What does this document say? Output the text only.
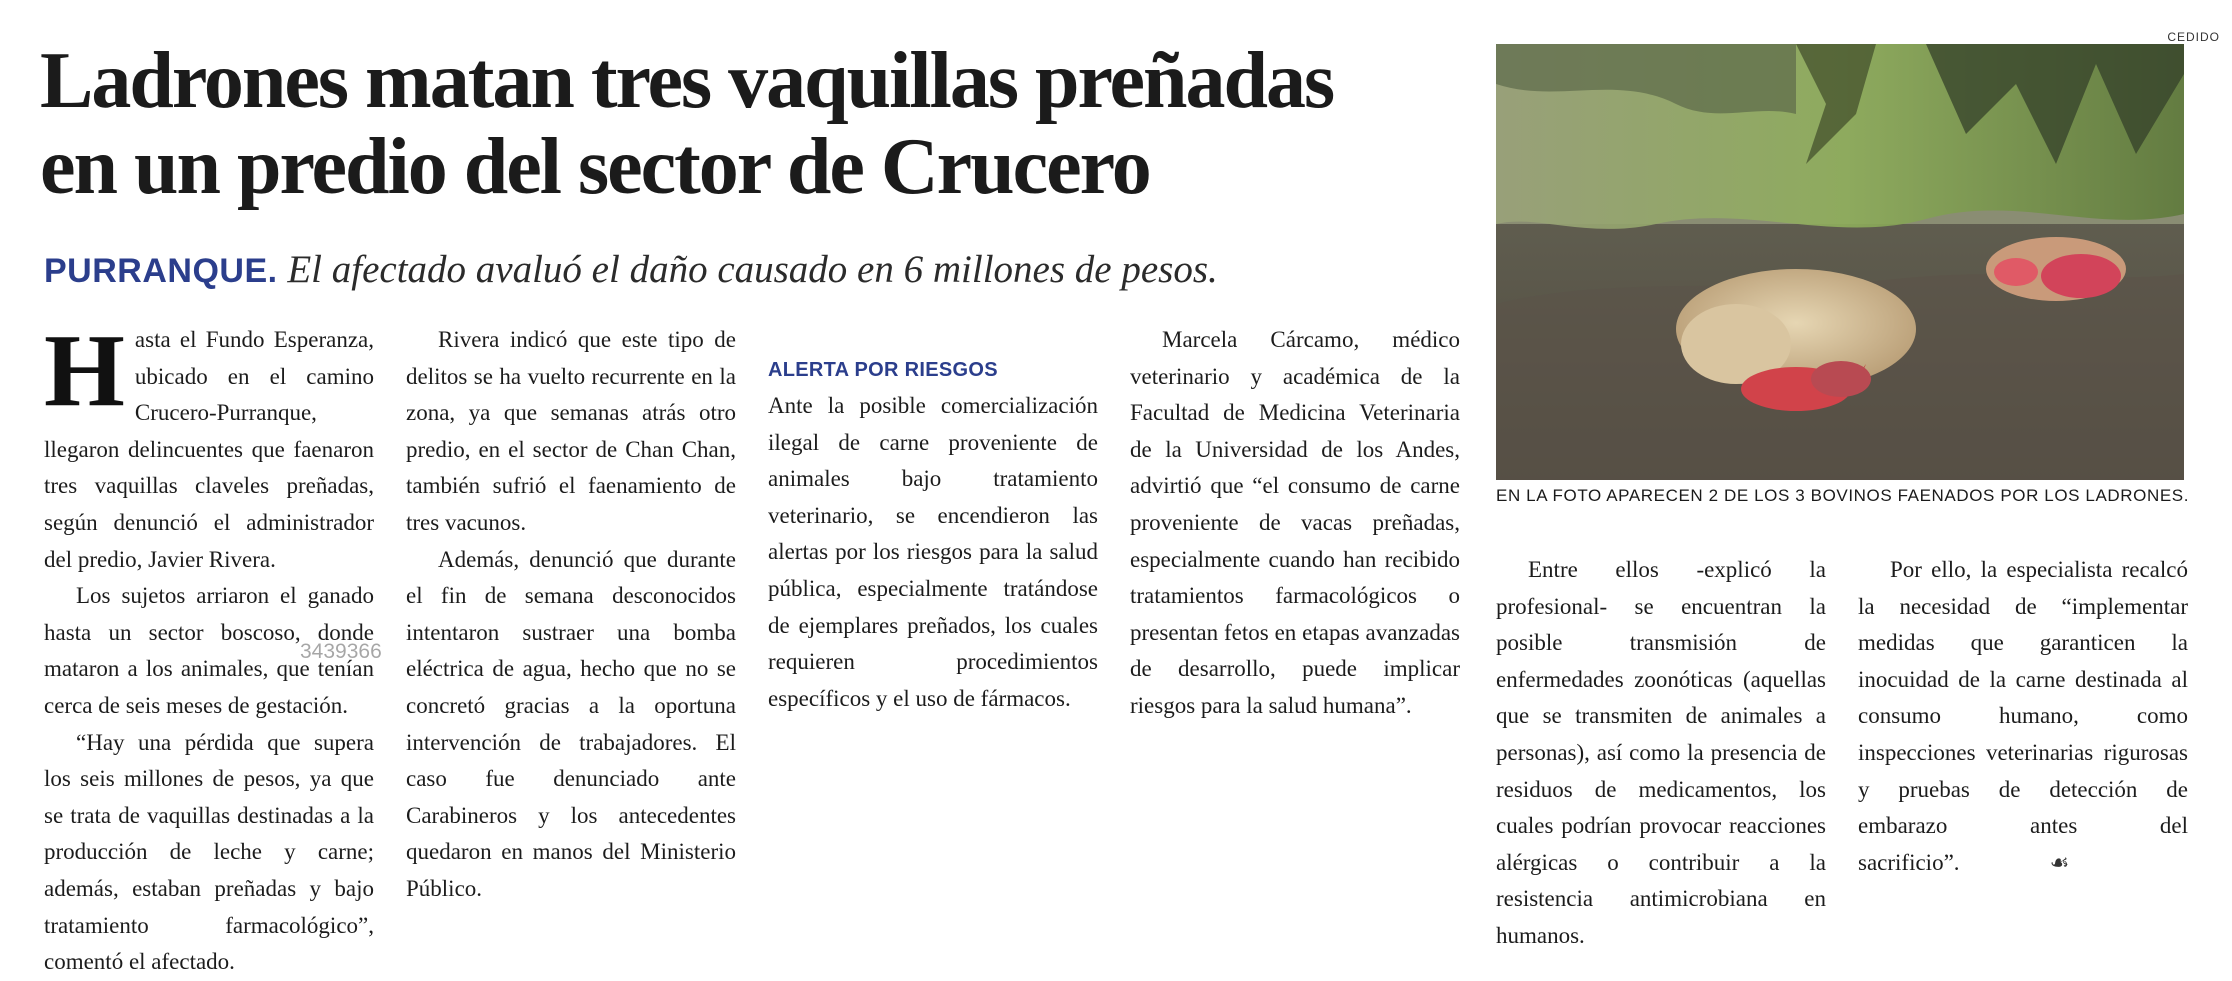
Ladrones matan tres vaquillas preñadas
en un predio del sector de Crucero
PURRANQUE. El afectado avaluó el daño causado en 6 millones de pesos.

Hasta el Fundo Esperanza, ubicado en el camino Crucero-Purranque, llegaron delincuentes que faenaron tres vaquillas claveles preñadas, según denunció el administrador del predio, Javier Rivera.

Los sujetos arriaron el ganado hasta un sector boscoso, donde mataron a los animales, que tenían cerca de seis meses de gestación.

“Hay una pérdida que supera los seis millones de pesos, ya que se trata de vaquillas destinadas a la producción de leche y carne; además, estaban preñadas y bajo tratamiento farmacológico”, comentó el afectado.

Rivera indicó que este tipo de delitos se ha vuelto recurrente en la zona, ya que semanas atrás otro predio, en el sector de Chan Chan, también sufrió el faenamiento de tres vacunos.

Además, denunció que durante el fin de semana desconocidos intentaron sustraer una bomba eléctrica de agua, hecho que no se concretó gracias a la oportuna intervención de trabajadores. El caso fue denunciado ante Carabineros y los antecedentes quedaron en manos del Ministerio Público.

ALERTA POR RIESGOS

Ante la posible comercialización ilegal de carne proveniente de animales bajo tratamiento veterinario, se encendieron las alertas por los riesgos para la salud pública, especialmente tratándose de ejemplares preñados, los cuales requieren procedimientos específicos y el uso de fármacos.

Marcela Cárcamo, médico veterinario y académica de la Facultad de Medicina Veterinaria de la Universidad de los Andes, advirtió que “el consumo de carne proveniente de vacas preñadas, especialmente cuando han recibido tratamientos farmacológicos o presentan fetos en etapas avanzadas de desarrollo, puede implicar riesgos para la salud humana”.

Entre ellos -explicó la profesional- se encuentran la posible transmisión de enfermedades zoonóticas (aquellas que se transmiten de animales a personas), así como la presencia de residuos de medicamentos, los cuales podrían provocar reacciones alérgicas o contribuir a la resistencia antimicrobiana en humanos.

Por ello, la especialista recalcó la necesidad de “implementar medidas que garanticen la inocuidad de la carne destinada al consumo humano, como inspecciones veterinarias rigurosas y pruebas de detección de embarazo antes del sacrificio”.	☙

3439366
CEDIDO
EN LA FOTO APARECEN 2 DE LOS 3 BOVINOS FAENADOS POR LOS LADRONES.
